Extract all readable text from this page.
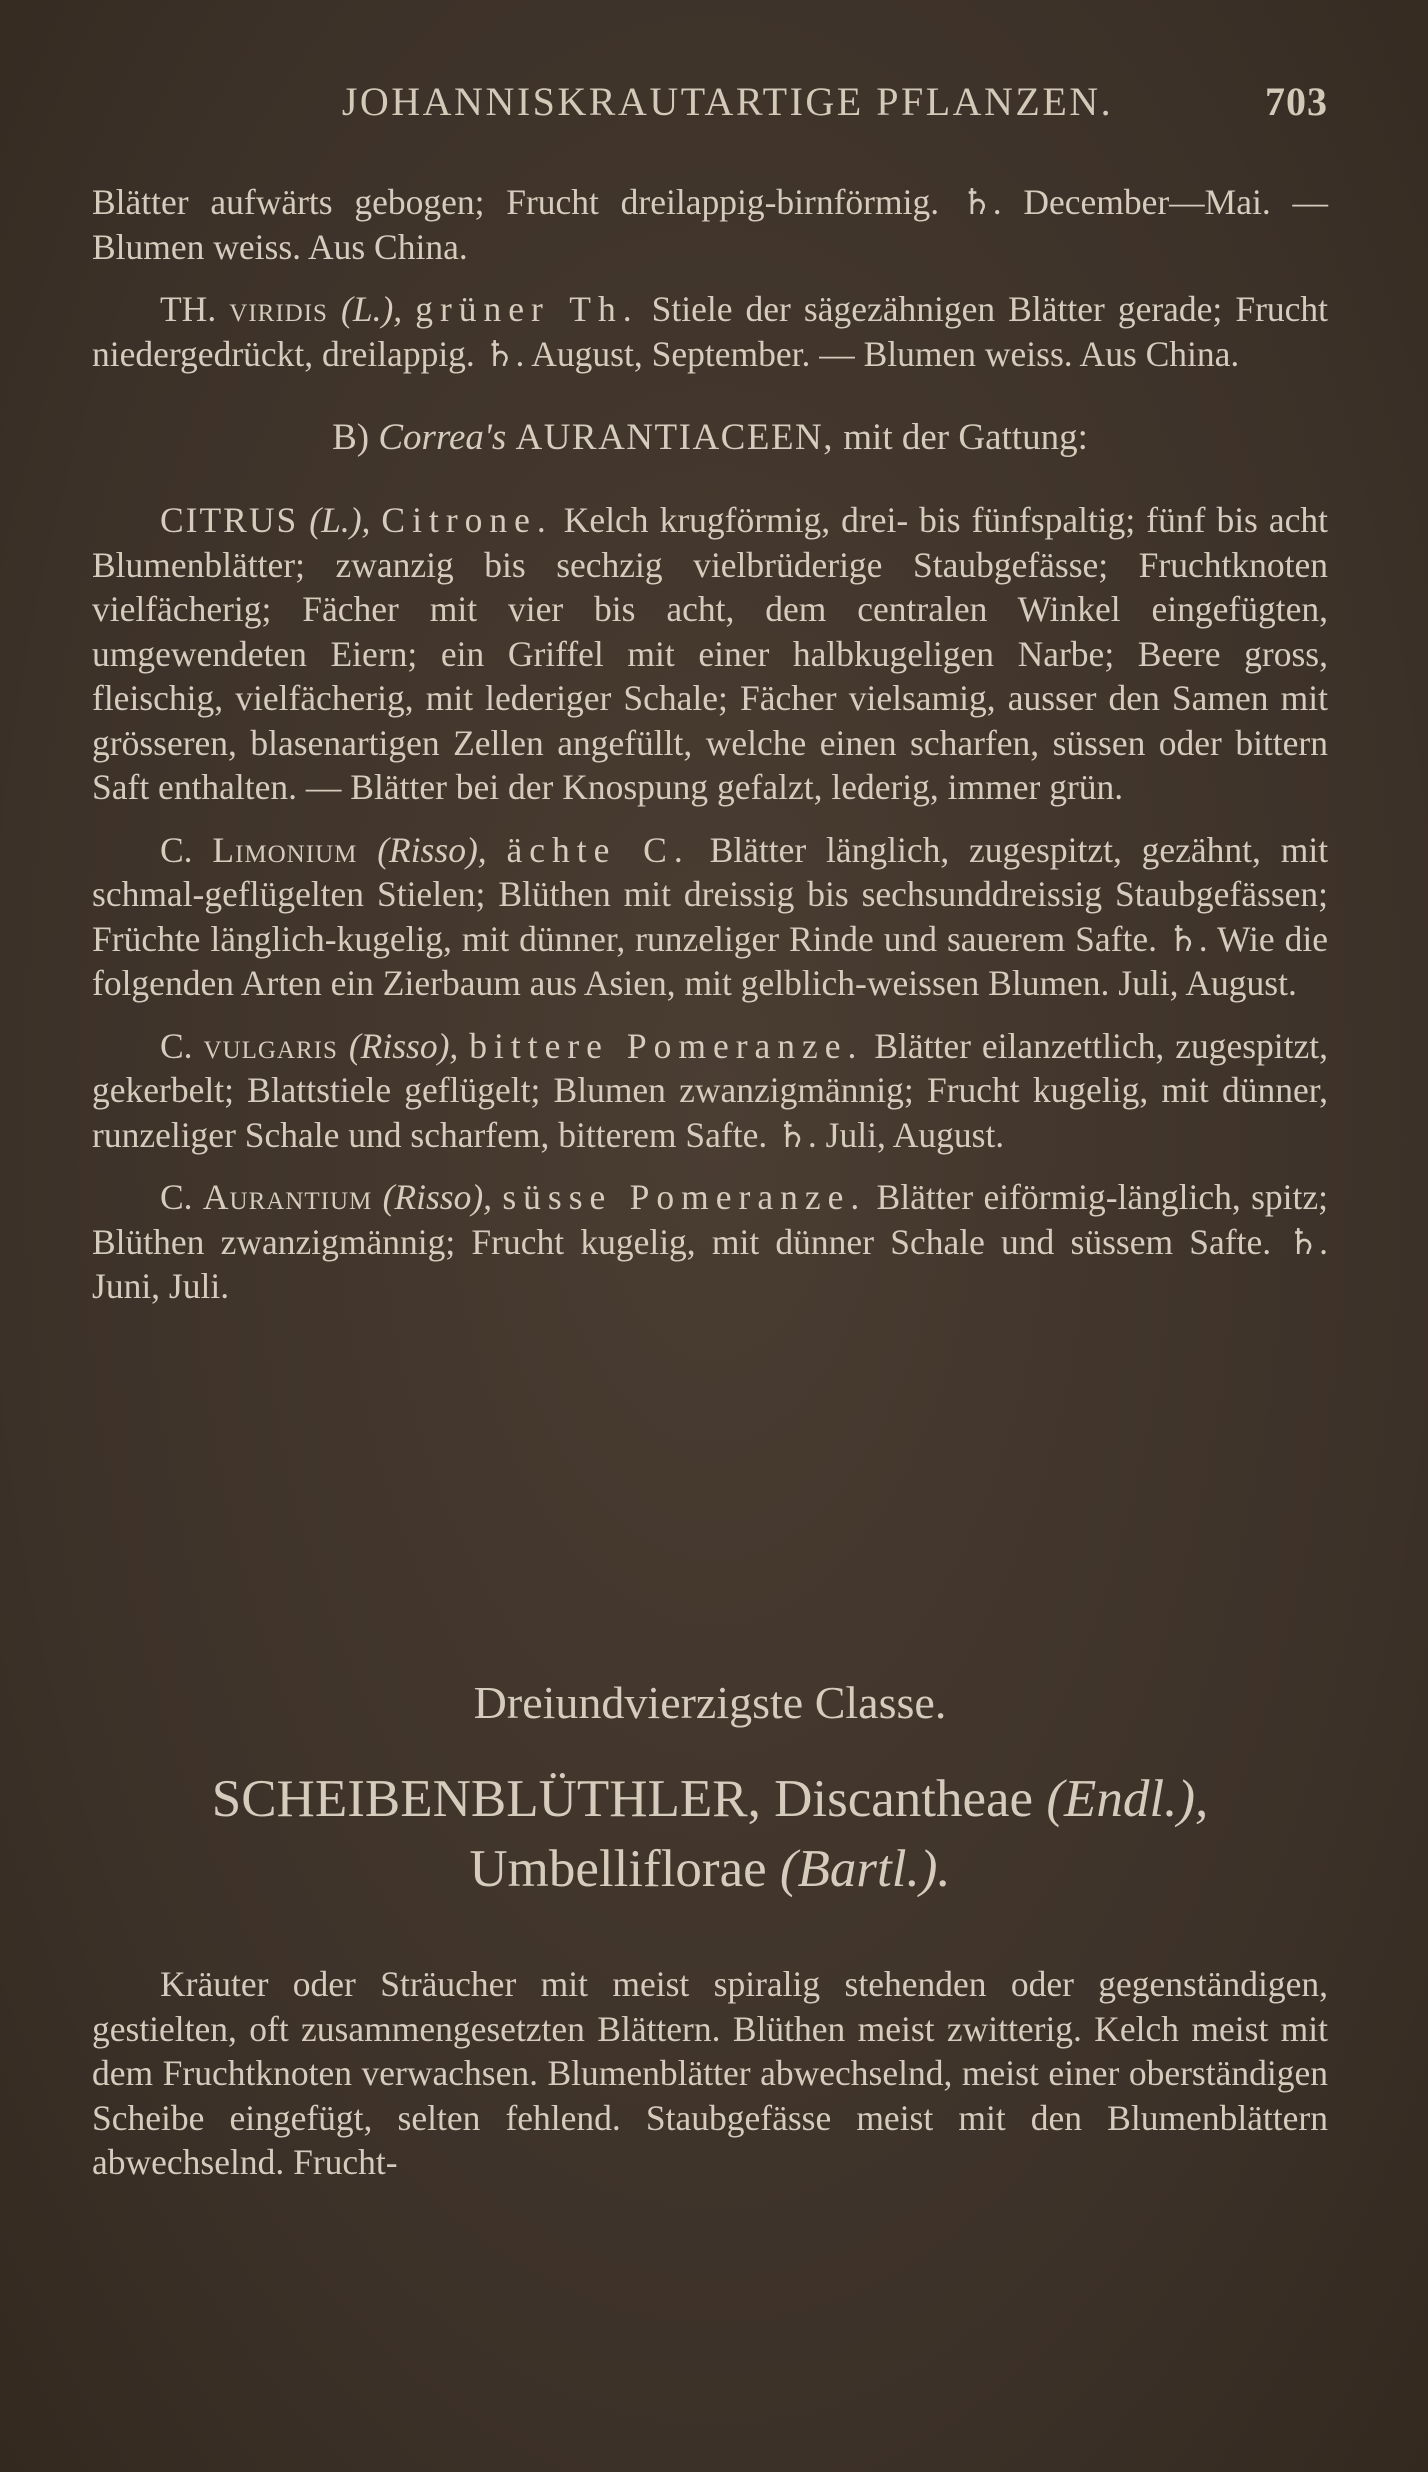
JOHANNISKRAUTARTIGE PFLANZEN.	703

Blätter aufwärts gebogen; Frucht dreilappig-birnförmig. ♄. December—Mai. — Blumen weiss. Aus China.

TH. viridis (L.), grüner Th. Stiele der sägezähnigen Blätter gerade; Frucht niedergedrückt, dreilappig. ♄. August, September. — Blumen weiss. Aus China.

B) Correa's AURANTIACEEN, mit der Gattung:

CITRUS (L.), Citrone. Kelch krugförmig, drei- bis fünfspaltig; fünf bis acht Blumenblätter; zwanzig bis sechzig vielbrüderige Staubgefässe; Fruchtknoten vielfächerig; Fächer mit vier bis acht, dem centralen Winkel eingefügten, umgewendeten Eiern; ein Griffel mit einer halbkugeligen Narbe; Beere gross, fleischig, vielfächerig, mit lederiger Schale; Fächer vielsamig, ausser den Samen mit grösseren, blasenartigen Zellen angefüllt, welche einen scharfen, süssen oder bittern Saft enthalten. — Blätter bei der Knospung gefalzt, lederig, immer grün.

C. Limonium (Risso), ächte C. Blätter länglich, zugespitzt, gezähnt, mit schmal-geflügelten Stielen; Blüthen mit dreissig bis sechsunddreissig Staubgefässen; Früchte länglich-kugelig, mit dünner, runzeliger Rinde und sauerem Safte. ♄. Wie die folgenden Arten ein Zierbaum aus Asien, mit gelblich-weissen Blumen. Juli, August.

C. vulgaris (Risso), bittere Pomeranze. Blätter eilanzettlich, zugespitzt, gekerbelt; Blattstiele geflügelt; Blumen zwanzigmännig; Frucht kugelig, mit dünner, runzeliger Schale und scharfem, bitterem Safte. ♄. Juli, August.

C. Aurantium (Risso), süsse Pomeranze. Blätter eiförmig-länglich, spitz; Blüthen zwanzigmännig; Frucht kugelig, mit dünner Schale und süssem Safte. ♄. Juni, Juli.

Dreiundvierzigste Classe.

SCHEIBENBLÜTHLER, Discantheae (Endl.),

Umbelliflorae (Bartl.).

Kräuter oder Sträucher mit meist spiralig stehenden oder gegenständigen, gestielten, oft zusammengesetzten Blättern. Blüthen meist zwitterig. Kelch meist mit dem Fruchtknoten verwachsen. Blumenblätter abwechselnd, meist einer oberständigen Scheibe eingefügt, selten fehlend. Staubgefässe meist mit den Blumenblättern abwechselnd. Frucht-
